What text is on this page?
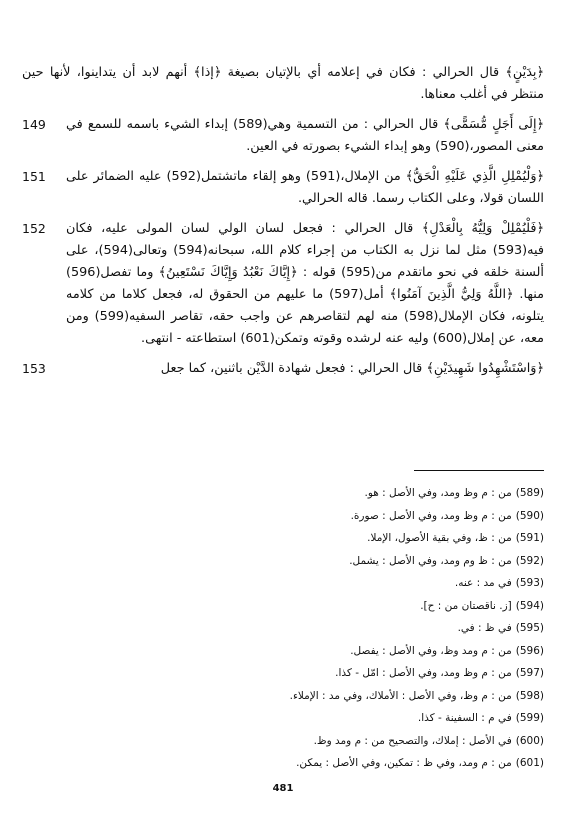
﴿بِدَيْنٍ﴾ قال الحرالي : فكان في إعلامه أي بالإتيان بصيغة ﴿إذا﴾ أنهم لابد أن يتداينوا، لأنها حين منتظر في أغلب معناها.

149	﴿إِلَى أَجَلٍ مُّسَمًّى﴾ قال الحرالي : من التسمية وهي(589) إبداء الشيء باسمه للسمع في معنى المصور،(590) وهو إبداء الشيء بصورته في العين.

151	﴿وَلْيُمْلِلِ الَّذِي عَلَيْهِ الْحَقُّ﴾ من الإملال،(591) وهو إلقاء ماتشتمل(592) عليه الضمائر على اللسان قولا، وعلى الكتاب رسما. قاله الحرالي.

152	﴿فَلْيُمْلِلْ وَلِيُّهُ بِالْعَدْلِ﴾ قال الحرالي : فجعل لسان الولي لسان المولى عليه، فكان فيه(593) مثل لما نزل به الكتاب من إجراء كلام الله، سبحانه(594) وتعالى(594)، على ألسنة خلقه في نحو ماتقدم من(595) قوله : ﴿إِيَّاكَ نَعْبُدُ وَإِيَّاكَ نَسْتَعِينُ﴾ وما تفصل(596) منها. ﴿اللَّهُ وَلِيُّ الَّذِينَ آمَنُوا﴾ أمل(597) ما عليهم من الحقوق له، فجعل كلاما من كلامه يتلونه، فكان الإملال(598) منه لهم لتقاصرهم عن واجب حقه، تقاصر السفيه(599) ومن معه، عن إملال(600) وليه عنه لرشده وقوته وتمكن(601) استطاعته - انتهى.

153	﴿وَاسْتَشْهِدُوا شَهِيدَيْنِ﴾ قال الحرالي : فجعل شهادة الدَّيْن باثنين، كما جعل

(589)من : م وظ ومد، وفي الأصل : هو.
(590)من : م وظ ومد، وفي الأصل : صورة.
(591)من : ظ، وفي بقية الأصول، الإملا.
(592)من : ظ وم ومد، وفي الأصل : يشمل.
(593)في مد : عنه.
(594)[ز. ناقصتان من : ح].
(595)في ظ : في.
(596)من : م ومد وظ، وفي الأصل : يفصل.
(597)من : م وظ ومد، وفي الأصل : امّل - كذا.
(598)من : م وظ، وفي الأصل : الأملاك، وفي مد : الإملاء.
(599)في م : السفينة - كذا.
(600)في الأصل : إملاك، والتصحيح من : م ومد وظ.
(601)من : م ومد، وفي ظ : تمكين، وفي الأصل : يمكن.
481
